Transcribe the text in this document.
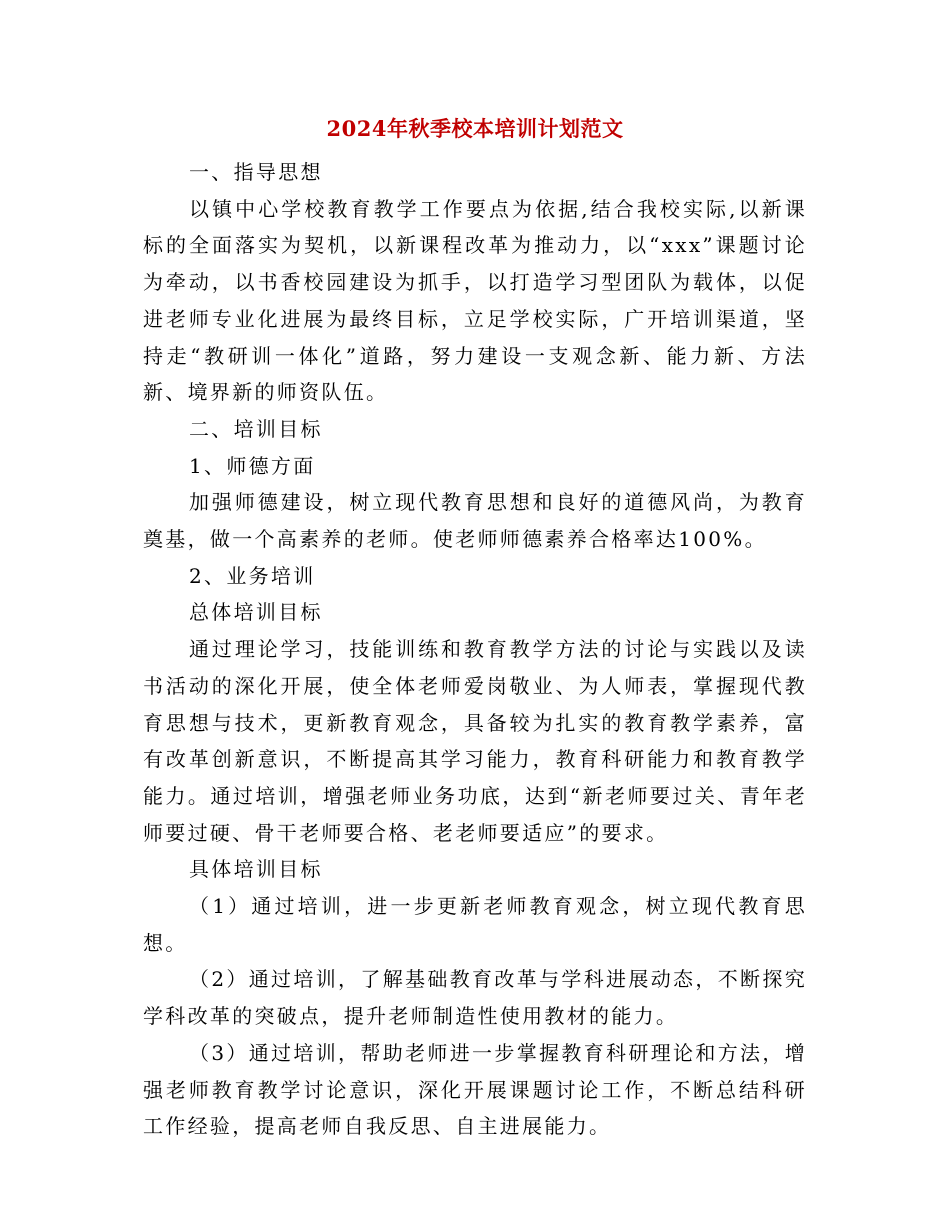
2024年秋季校本培训计划范文

一、指导思想

以镇中心学校教育教学工作要点为依据,结合我校实际,以新课标的全面落实为契机，以新课程改革为推动力，以“xxx”课题讨论为牵动，以书香校园建设为抓手，以打造学习型团队为载体，以促进老师专业化进展为最终目标，立足学校实际，广开培训渠道，坚持走“教研训一体化”道路，努力建设一支观念新、能力新、方法新、境界新的师资队伍。

二、培训目标

1、师德方面

加强师德建设，树立现代教育思想和良好的道德风尚，为教育奠基，做一个高素养的老师。使老师师德素养合格率达100%。

2、业务培训

总体培训目标

通过理论学习，技能训练和教育教学方法的讨论与实践以及读书活动的深化开展，使全体老师爱岗敬业、为人师表，掌握现代教育思想与技术，更新教育观念，具备较为扎实的教育教学素养，富有改革创新意识，不断提高其学习能力，教育科研能力和教育教学能力。通过培训，增强老师业务功底，达到“新老师要过关、青年老师要过硬、骨干老师要合格、老老师要适应”的要求。

具体培训目标

（1）通过培训，进一步更新老师教育观念，树立现代教育思想。

（2）通过培训，了解基础教育改革与学科进展动态，不断探究学科改革的突破点，提升老师制造性使用教材的能力。

（3）通过培训，帮助老师进一步掌握教育科研理论和方法，增强老师教育教学讨论意识，深化开展课题讨论工作，不断总结科研工作经验，提高老师自我反思、自主进展能力。
